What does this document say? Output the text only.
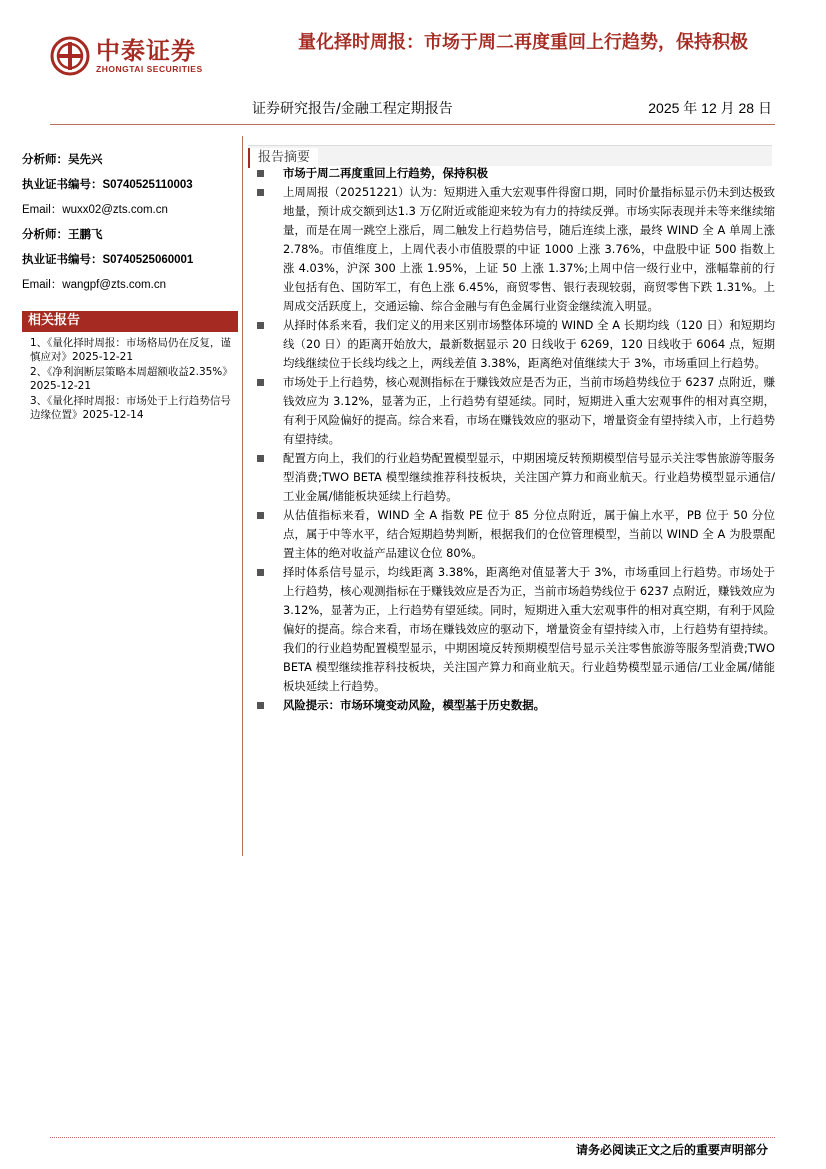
中泰证券
ZHONGTAI SECURITIES
量化择时周报：市场于周二再度重回上行趋势，保持积极
证券研究报告/金融工程定期报告	2025 年 12 月 28 日
分析师：吴先兴
执业证书编号：S0740525110003
Email：wuxx02@zts.com.cn
分析师：王鹏飞
执业证书编号：S0740525060001
Email：wangpf@zts.com.cn
相关报告
1、《量化择时周报：市场格局仍在反复，谨慎应对》2025-12-21
2、《净利润断层策略本周超额收益2.35%》2025-12-21
3、《量化择时周报：市场处于上行趋势信号边缘位置》2025-12-14
报告摘要
市场于周二再度重回上行趋势，保持积极
上周周报（20251221）认为：短期进入重大宏观事件得窗口期，同时价量指标显示仍未到达极致地量，预计成交额到达1.3 万亿附近或能迎来较为有力的持续反弹。市场实际表现并未等来继续缩量，而是在周一跳空上涨后，周二触发上行趋势信号，随后连续上涨，最终 WIND 全 A 单周上涨 2.78%。市值维度上，上周代表小市值股票的中证 1000 上涨 3.76%，中盘股中证 500 指数上涨 4.03%，沪深 300 上涨 1.95%，上证 50 上涨 1.37%;上周中信一级行业中，涨幅靠前的行业包括有色、国防军工，有色上涨 6.45%，商贸零售、银行表现较弱，商贸零售下跌 1.31%。上周成交活跃度上，交通运输、综合金融与有色金属行业资金继续流入明显。
从择时体系来看，我们定义的用来区别市场整体环境的 WIND 全 A 长期均线（120 日）和短期均线（20 日）的距离开始放大，最新数据显示 20 日线收于 6269，120 日线收于 6064 点，短期均线继续位于长线均线之上，两线差值 3.38%，距离绝对值继续大于 3%，市场重回上行趋势。
市场处于上行趋势，核心观测指标在于赚钱效应是否为正，当前市场趋势线位于 6237 点附近，赚钱效应为 3.12%，显著为正，上行趋势有望延续。同时，短期进入重大宏观事件的相对真空期，有利于风险偏好的提高。综合来看，市场在赚钱效应的驱动下，增量资金有望持续入市，上行趋势有望持续。
配置方向上，我们的行业趋势配置模型显示，中期困境反转预期模型信号显示关注零售旅游等服务型消费;TWO BETA 模型继续推荐科技板块，关注国产算力和商业航天。行业趋势模型显示通信/工业金属/储能板块延续上行趋势。
从估值指标来看，WIND 全 A 指数 PE 位于 85 分位点附近，属于偏上水平，PB 位于 50 分位点，属于中等水平，结合短期趋势判断，根据我们的仓位管理模型，当前以 WIND 全 A 为股票配置主体的绝对收益产品建议仓位 80%。
择时体系信号显示，均线距离 3.38%，距离绝对值显著大于 3%，市场重回上行趋势。市场处于上行趋势，核心观测指标在于赚钱效应是否为正，当前市场趋势线位于 6237 点附近，赚钱效应为 3.12%，显著为正，上行趋势有望延续。同时，短期进入重大宏观事件的相对真空期，有利于风险偏好的提高。综合来看，市场在赚钱效应的驱动下，增量资金有望持续入市，上行趋势有望持续。我们的行业趋势配置模型显示，中期困境反转预期模型信号显示关注零售旅游等服务型消费;TWO BETA 模型继续推荐科技板块，关注国产算力和商业航天。行业趋势模型显示通信/工业金属/储能板块延续上行趋势。
风险提示：市场环境变动风险，模型基于历史数据。
请务必阅读正文之后的重要声明部分
